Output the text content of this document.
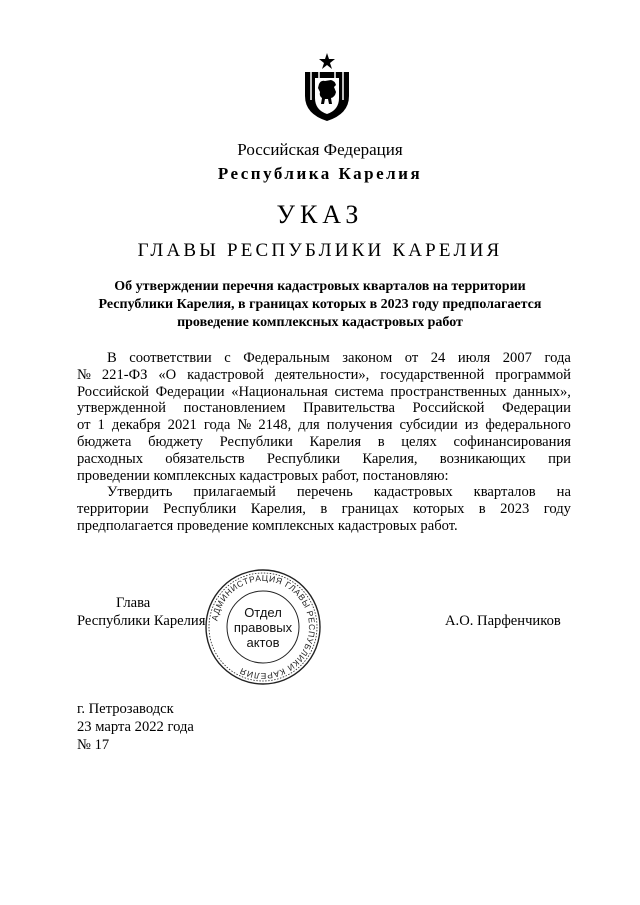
Российская Федерация
Республика Карелия
УКАЗ
ГЛАВЫ РЕСПУБЛИКИ КАРЕЛИЯ
Об утверждении перечня кадастровых кварталов на территории
Республики Карелия, в границах которых в 2023 году предполагается
проведение комплексных кадастровых работ
В соответствии с Федеральным законом от 24 июля 2007 года
№ 221-ФЗ «О кадастровой деятельности», государственной программой
Российской Федерации «Национальная система пространственных данных»,
утвержденной постановлением Правительства Российской Федерации
от 1 декабря 2021 года № 2148, для получения субсидии из федерального
бюджета бюджету Республики Карелия в целях софинансирования
расходных обязательств Республики Карелия, возникающих при
проведении комплексных кадастровых работ, постановляю:
Утвердить прилагаемый перечень кадастровых кварталов на
территории Республики Карелия, в границах которых в 2023 году
предполагается проведение комплексных кадастровых работ.
Глава
Республики Карелия	А.О. Парфенчиков
АДМИНИСТРАЦИЯ ГЛАВЫ РЕСПУБЛИКИ КАРЕЛИЯ
Отдел
правовых
актов
г. Петрозаводск
23 марта 2022 года
№ 17
